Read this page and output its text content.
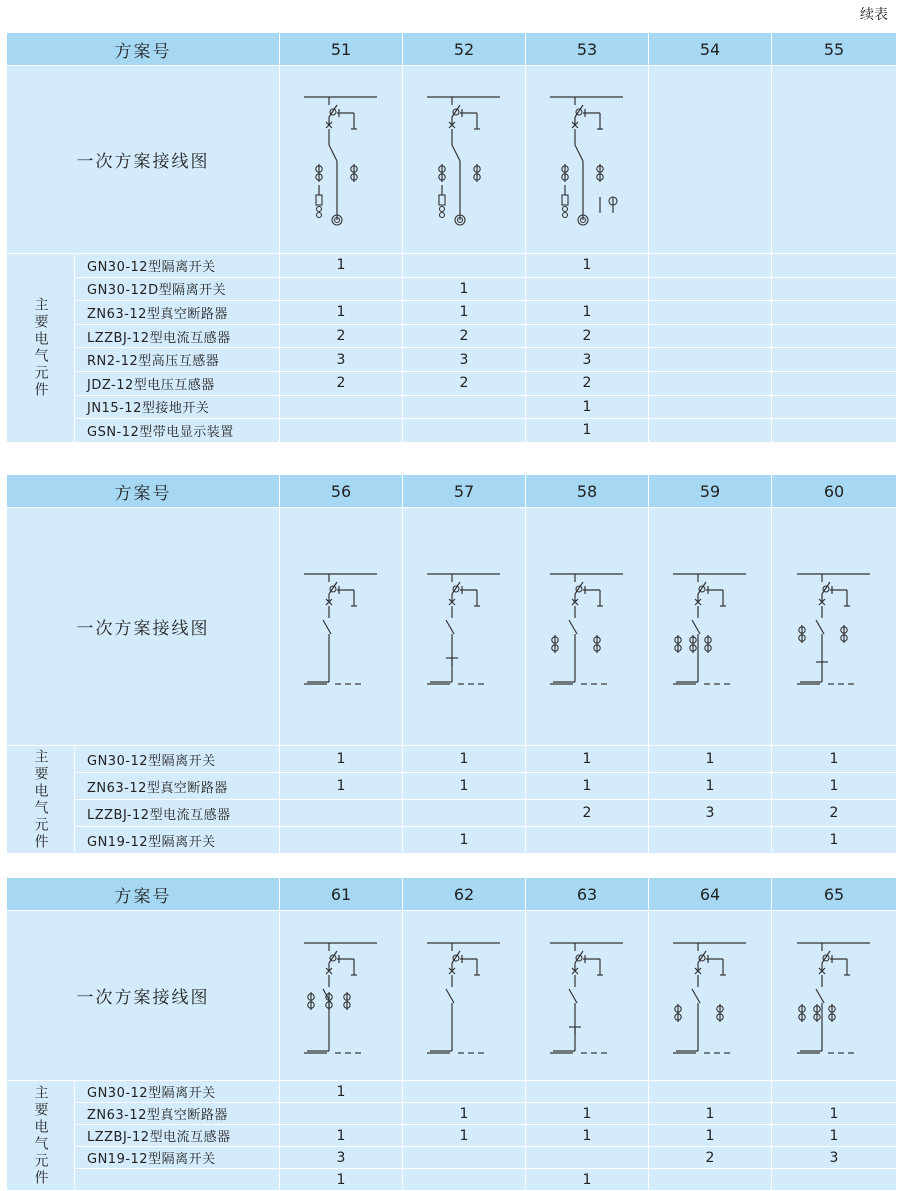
续表
方案号		51	52	53	54	55
一次方案接线图	

主要电气元件	GN30-12型隔离开关	1		1		
	GN30-12D型隔离开关		1			
	ZN63-12型真空断路器	1	1	1		
	LZZBJ-12型电流互感器	2	2	2		
	RN2-12型高压互感器	3	3	3		
	JDZ-12型电压互感器	2	2	2		
	JN15-12型接地开关			1		
	GSN-12型带电显示装置			1		
方案号		56	57	58	59	60
一次方案接线图	

主要电气元件	GN30-12型隔离开关	1	1	1	1	1
	ZN63-12型真空断路器	1	1	1	1	1
	LZZBJ-12型电流互感器			2	3	2
	GN19-12型隔离开关		1			1
方案号		61	62	63	64	65
一次方案接线图	

主要电气元件	GN30-12型隔离开关	1				
	ZN63-12型真空断路器		1	1	1	1
	LZZBJ-12型电流互感器	1	1	1	1	1
	GN19-12型隔离开关	3			2	3
		1		1		
